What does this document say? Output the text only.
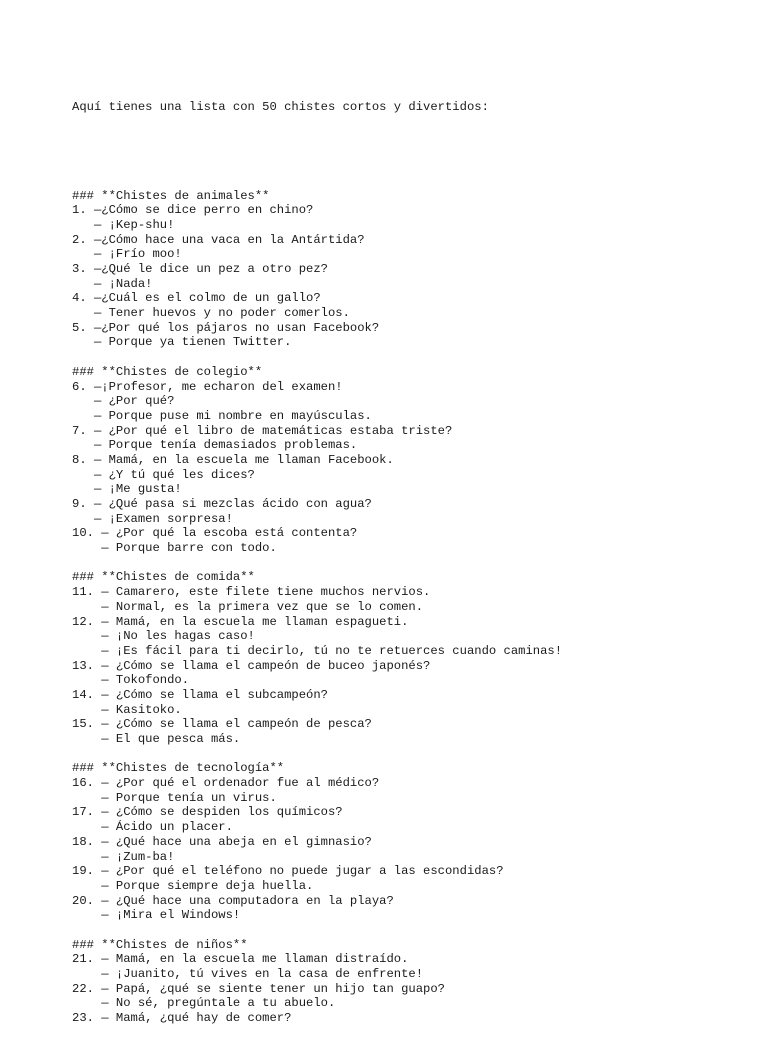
Aquí tienes una lista con 50 chistes cortos y divertidos:

### **Chistes de animales**
1. —¿Cómo se dice perro en chino?
— ¡Kep-shu!
2. —¿Cómo hace una vaca en la Antártida?
— ¡Frío moo!
3. —¿Qué le dice un pez a otro pez?
— ¡Nada!
4. —¿Cuál es el colmo de un gallo?
— Tener huevos y no poder comerlos.
5. —¿Por qué los pájaros no usan Facebook?
— Porque ya tienen Twitter.
### **Chistes de colegio**
6. —¡Profesor, me echaron del examen!
— ¿Por qué?
— Porque puse mi nombre en mayúsculas.
7. — ¿Por qué el libro de matemáticas estaba triste?
— Porque tenía demasiados problemas.
8. — Mamá, en la escuela me llaman Facebook.
— ¿Y tú qué les dices?
— ¡Me gusta!
9. — ¿Qué pasa si mezclas ácido con agua?
— ¡Examen sorpresa!
10. — ¿Por qué la escoba está contenta?
— Porque barre con todo.
### **Chistes de comida**
11. — Camarero, este filete tiene muchos nervios.
— Normal, es la primera vez que se lo comen.
12. — Mamá, en la escuela me llaman espagueti.
— ¡No les hagas caso!
— ¡Es fácil para ti decirlo, tú no te retuerces cuando caminas!
13. — ¿Cómo se llama el campeón de buceo japonés?
— Tokofondo.
14. — ¿Cómo se llama el subcampeón?
— Kasitoko.
15. — ¿Cómo se llama el campeón de pesca?
— El que pesca más.
### **Chistes de tecnología**
16. — ¿Por qué el ordenador fue al médico?
— Porque tenía un virus.
17. — ¿Cómo se despiden los químicos?
— Ácido un placer.
18. — ¿Qué hace una abeja en el gimnasio?
— ¡Zum-ba!
19. — ¿Por qué el teléfono no puede jugar a las escondidas?
— Porque siempre deja huella.
20. — ¿Qué hace una computadora en la playa?
— ¡Mira el Windows!
### **Chistes de niños**
21. — Mamá, en la escuela me llaman distraído.
— ¡Juanito, tú vives en la casa de enfrente!
22. — Papá, ¿qué se siente tener un hijo tan guapo?
— No sé, pregúntale a tu abuelo.
23. — Mamá, ¿qué hay de comer?
